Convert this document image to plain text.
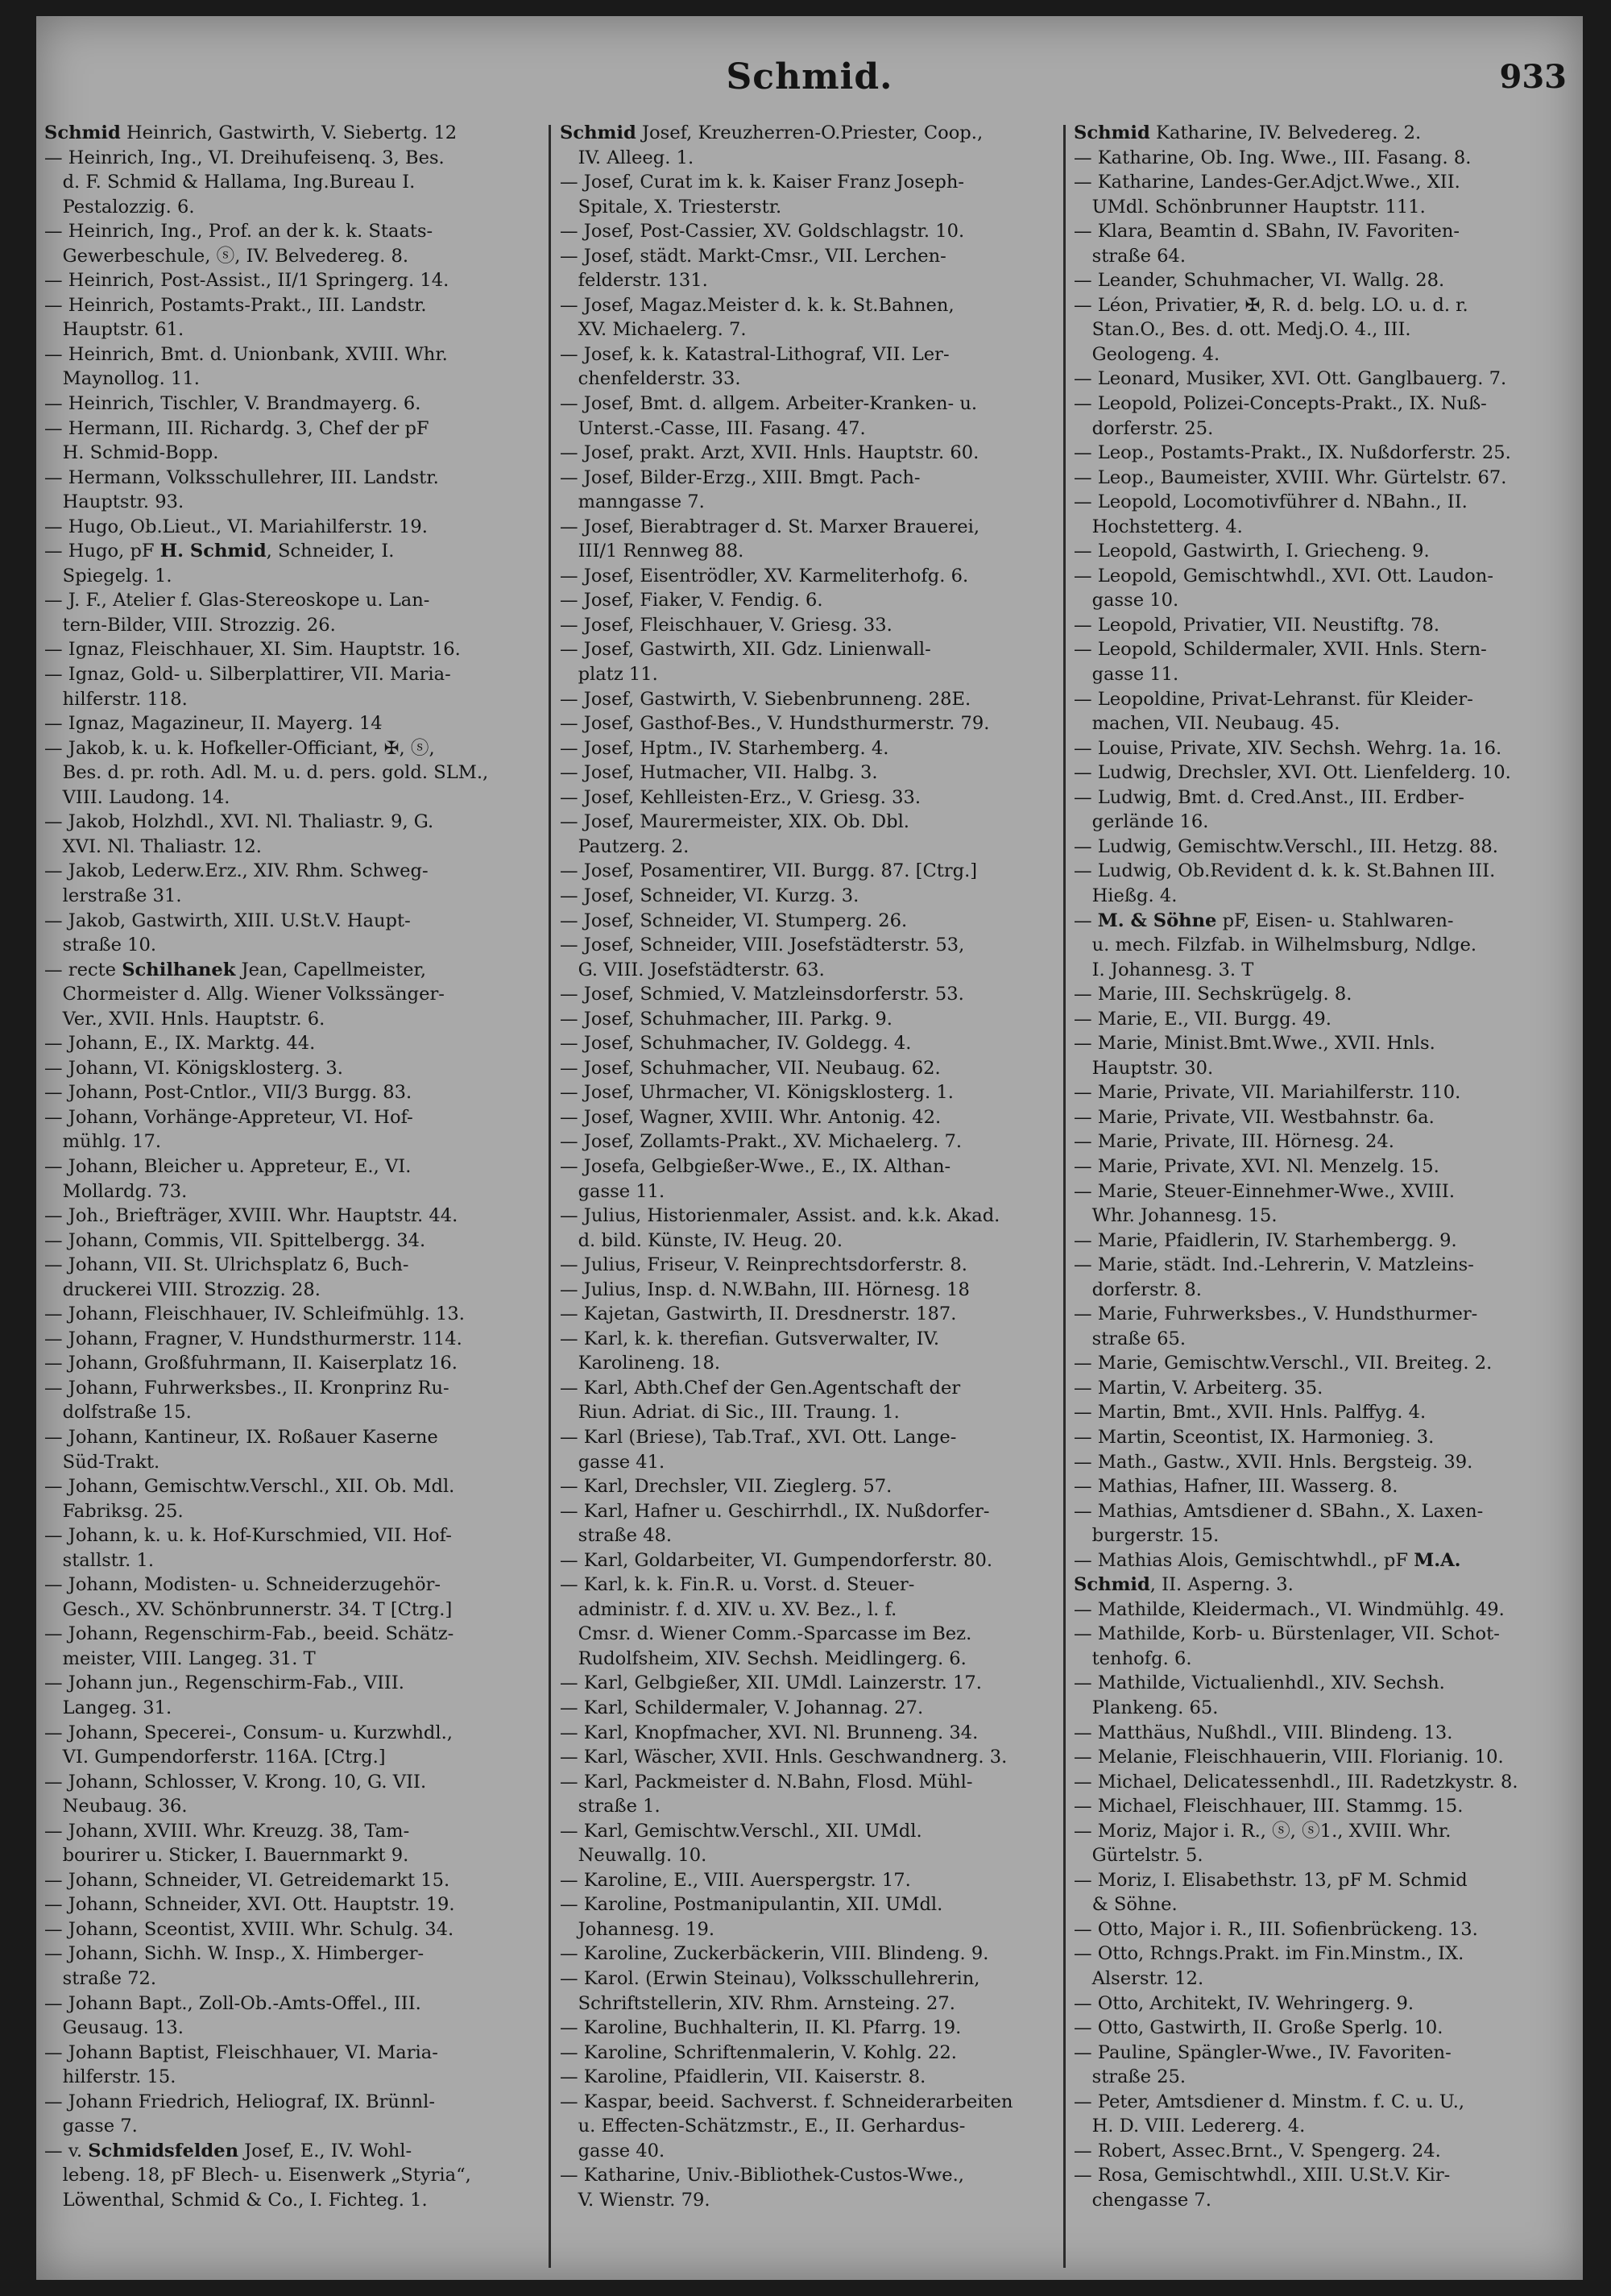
Schmid.	933
Schmid Heinrich, Gastwirth, V. Siebertg. 12
— Heinrich, Ing., VI. Dreihufeisenq. 3, Bes.
d. F. Schmid & Hallama, Ing.Bureau I.
Pestalozzig. 6.
— Heinrich, Ing., Prof. an der k. k. Staats-
Gewerbeschule, ⓢ, IV. Belvedereg. 8.
— Heinrich, Post-Assist., II/1 Springerg. 14.
— Heinrich, Postamts-Prakt., III. Landstr.
Hauptstr. 61.
— Heinrich, Bmt. d. Unionbank, XVIII. Whr.
Maynollog. 11.
— Heinrich, Tischler, V. Brandmayerg. 6.
— Hermann, III. Richardg. 3, Chef der pF
H. Schmid-Bopp.
— Hermann, Volksschullehrer, III. Landstr.
Hauptstr. 93.
— Hugo, Ob.Lieut., VI. Mariahilferstr. 19.
— Hugo, pF H. Schmid, Schneider, I.
Spiegelg. 1.
— J. F., Atelier f. Glas-Stereoskope u. Lan-
tern-Bilder, VIII. Strozzig. 26.
— Ignaz, Fleischhauer, XI. Sim. Hauptstr. 16.
— Ignaz, Gold- u. Silberplattirer, VII. Maria-
hilferstr. 118.
— Ignaz, Magazineur, II. Mayerg. 14
— Jakob, k. u. k. Hofkeller-Officiant, ✠, ⓢ,
Bes. d. pr. roth. Adl. M. u. d. pers. gold. SLM.,
VIII. Laudong. 14.
— Jakob, Holzhdl., XVI. Nl. Thaliastr. 9, G.
XVI. Nl. Thaliastr. 12.
— Jakob, Lederw.Erz., XIV. Rhm. Schweg-
lerstraße 31.
— Jakob, Gastwirth, XIII. U.St.V. Haupt-
straße 10.
— recte Schilhanek Jean, Capellmeister,
Chormeister d. Allg. Wiener Volkssänger-
Ver., XVII. Hnls. Hauptstr. 6.
— Johann, E., IX. Marktg. 44.
— Johann, VI. Königsklosterg. 3.
— Johann, Post-Cntlor., VII/3 Burgg. 83.
— Johann, Vorhänge-Appreteur, VI. Hof-
mühlg. 17.
— Johann, Bleicher u. Appreteur, E., VI.
Mollardg. 73.
— Joh., Briefträger, XVIII. Whr. Hauptstr. 44.
— Johann, Commis, VII. Spittelbergg. 34.
— Johann, VII. St. Ulrichsplatz 6, Buch-
druckerei VIII. Strozzig. 28.
— Johann, Fleischhauer, IV. Schleifmühlg. 13.
— Johann, Fragner, V. Hundsthurmerstr. 114.
— Johann, Großfuhrmann, II. Kaiserplatz 16.
— Johann, Fuhrwerksbes., II. Kronprinz Ru-
dolfstraße 15.
— Johann, Kantineur, IX. Roßauer Kaserne
Süd-Trakt.
— Johann, Gemischtw.Verschl., XII. Ob. Mdl.
Fabriksg. 25.
— Johann, k. u. k. Hof-Kurschmied, VII. Hof-
stallstr. 1.
— Johann, Modisten- u. Schneiderzugehör-
Gesch., XV. Schönbrunnerstr. 34. T [Ctrg.]
— Johann, Regenschirm-Fab., beeid. Schätz-
meister, VIII. Langeg. 31. T
— Johann jun., Regenschirm-Fab., VIII.
Langeg. 31.
— Johann, Specerei-, Consum- u. Kurzwhdl.,
VI. Gumpendorferstr. 116A. [Ctrg.]
— Johann, Schlosser, V. Krong. 10, G. VII.
Neubaug. 36.
— Johann, XVIII. Whr. Kreuzg. 38, Tam-
bourirer u. Sticker, I. Bauernmarkt 9.
— Johann, Schneider, VI. Getreidemarkt 15.
— Johann, Schneider, XVI. Ott. Hauptstr. 19.
— Johann, Sceontist, XVIII. Whr. Schulg. 34.
— Johann, Sichh. W. Insp., X. Himberger-
straße 72.
— Johann Bapt., Zoll-Ob.-Amts-Offel., III.
Geusaug. 13.
— Johann Baptist, Fleischhauer, VI. Maria-
hilferstr. 15.
— Johann Friedrich, Heliograf, IX. Brünnl-
gasse 7.
— v. Schmidsfelden Josef, E., IV. Wohl-
lebeng. 18, pF Blech- u. Eisenwerk „Styria“,
Löwenthal, Schmid & Co., I. Fichteg. 1.
Schmid Josef, Kreuzherren-O.Priester, Coop.,
IV. Alleeg. 1.
— Josef, Curat im k. k. Kaiser Franz Joseph-
Spitale, X. Triesterstr.
— Josef, Post-Cassier, XV. Goldschlagstr. 10.
— Josef, städt. Markt-Cmsr., VII. Lerchen-
felderstr. 131.
— Josef, Magaz.Meister d. k. k. St.Bahnen,
XV. Michaelerg. 7.
— Josef, k. k. Katastral-Lithograf, VII. Ler-
chenfelderstr. 33.
— Josef, Bmt. d. allgem. Arbeiter-Kranken- u.
Unterst.-Casse, III. Fasang. 47.
— Josef, prakt. Arzt, XVII. Hnls. Hauptstr. 60.
— Josef, Bilder-Erzg., XIII. Bmgt. Pach-
manngasse 7.
— Josef, Bierabtrager d. St. Marxer Brauerei,
III/1 Rennweg 88.
— Josef, Eisentrödler, XV. Karmeliterhofg. 6.
— Josef, Fiaker, V. Fendig. 6.
— Josef, Fleischhauer, V. Griesg. 33.
— Josef, Gastwirth, XII. Gdz. Linienwall-
platz 11.
— Josef, Gastwirth, V. Siebenbrunneng. 28E.
— Josef, Gasthof-Bes., V. Hundsthurmerstr. 79.
— Josef, Hptm., IV. Starhemberg. 4.
— Josef, Hutmacher, VII. Halbg. 3.
— Josef, Kehlleisten-Erz., V. Griesg. 33.
— Josef, Maurermeister, XIX. Ob. Dbl.
Pautzerg. 2.
— Josef, Posamentirer, VII. Burgg. 87. [Ctrg.]
— Josef, Schneider, VI. Kurzg. 3.
— Josef, Schneider, VI. Stumperg. 26.
— Josef, Schneider, VIII. Josefstädterstr. 53,
G. VIII. Josefstädterstr. 63.
— Josef, Schmied, V. Matzleinsdorferstr. 53.
— Josef, Schuhmacher, III. Parkg. 9.
— Josef, Schuhmacher, IV. Goldegg. 4.
— Josef, Schuhmacher, VII. Neubaug. 62.
— Josef, Uhrmacher, VI. Königsklosterg. 1.
— Josef, Wagner, XVIII. Whr. Antonig. 42.
— Josef, Zollamts-Prakt., XV. Michaelerg. 7.
— Josefa, Gelbgießer-Wwe., E., IX. Althan-
gasse 11.
— Julius, Historienmaler, Assist. and. k.k. Akad.
d. bild. Künste, IV. Heug. 20.
— Julius, Friseur, V. Reinprechtsdorferstr. 8.
— Julius, Insp. d. N.W.Bahn, III. Hörnesg. 18
— Kajetan, Gastwirth, II. Dresdnerstr. 187.
— Karl, k. k. therefian. Gutsverwalter, IV.
Karolineng. 18.
— Karl, Abth.Chef der Gen.Agentschaft der
Riun. Adriat. di Sic., III. Traung. 1.
— Karl (Briese), Tab.Traf., XVI. Ott. Lange-
gasse 41.
— Karl, Drechsler, VII. Zieglerg. 57.
— Karl, Hafner u. Geschirrhdl., IX. Nußdorfer-
straße 48.
— Karl, Goldarbeiter, VI. Gumpendorferstr. 80.
— Karl, k. k. Fin.R. u. Vorst. d. Steuer-
administr. f. d. XIV. u. XV. Bez., l. f.
Cmsr. d. Wiener Comm.-Sparcasse im Bez.
Rudolfsheim, XIV. Sechsh. Meidlingerg. 6.
— Karl, Gelbgießer, XII. UMdl. Lainzerstr. 17.
— Karl, Schildermaler, V. Johannag. 27.
— Karl, Knopfmacher, XVI. Nl. Brunneng. 34.
— Karl, Wäscher, XVII. Hnls. Geschwandnerg. 3.
— Karl, Packmeister d. N.Bahn, Flosd. Mühl-
straße 1.
— Karl, Gemischtw.Verschl., XII. UMdl.
Neuwallg. 10.
— Karoline, E., VIII. Auerspergstr. 17.
— Karoline, Postmanipulantin, XII. UMdl.
Johannesg. 19.
— Karoline, Zuckerbäckerin, VIII. Blindeng. 9.
— Karol. (Erwin Steinau), Volksschullehrerin,
Schriftstellerin, XIV. Rhm. Arnsteing. 27.
— Karoline, Buchhalterin, II. Kl. Pfarrg. 19.
— Karoline, Schriftenmalerin, V. Kohlg. 22.
— Karoline, Pfaidlerin, VII. Kaiserstr. 8.
— Kaspar, beeid. Sachverst. f. Schneiderarbeiten
u. Effecten-Schätzmstr., E., II. Gerhardus-
gasse 40.
— Katharine, Univ.-Bibliothek-Custos-Wwe.,
V. Wienstr. 79.
Schmid Katharine, IV. Belvedereg. 2.
— Katharine, Ob. Ing. Wwe., III. Fasang. 8.
— Katharine, Landes-Ger.Adjct.Wwe., XII.
UMdl. Schönbrunner Hauptstr. 111.
— Klara, Beamtin d. SBahn, IV. Favoriten-
straße 64.
— Leander, Schuhmacher, VI. Wallg. 28.
— Léon, Privatier, ✠, R. d. belg. LO. u. d. r.
Stan.O., Bes. d. ott. Medj.O. 4., III.
Geologeng. 4.
— Leonard, Musiker, XVI. Ott. Ganglbauerg. 7.
— Leopold, Polizei-Concepts-Prakt., IX. Nuß-
dorferstr. 25.
— Leop., Postamts-Prakt., IX. Nußdorferstr. 25.
— Leop., Baumeister, XVIII. Whr. Gürtelstr. 67.
— Leopold, Locomotivführer d. NBahn., II.
Hochstetterg. 4.
— Leopold, Gastwirth, I. Griecheng. 9.
— Leopold, Gemischtwhdl., XVI. Ott. Laudon-
gasse 10.
— Leopold, Privatier, VII. Neustiftg. 78.
— Leopold, Schildermaler, XVII. Hnls. Stern-
gasse 11.
— Leopoldine, Privat-Lehranst. für Kleider-
machen, VII. Neubaug. 45.
— Louise, Private, XIV. Sechsh. Wehrg. 1a. 16.
— Ludwig, Drechsler, XVI. Ott. Lienfelderg. 10.
— Ludwig, Bmt. d. Cred.Anst., III. Erdber-
gerlände 16.
— Ludwig, Gemischtw.Verschl., III. Hetzg. 88.
— Ludwig, Ob.Revident d. k. k. St.Bahnen III.
Hießg. 4.
— M. & Söhne pF, Eisen- u. Stahlwaren-
u. mech. Filzfab. in Wilhelmsburg, Ndlge.
I. Johannesg. 3. T
— Marie, III. Sechskrügelg. 8.
— Marie, E., VII. Burgg. 49.
— Marie, Minist.Bmt.Wwe., XVII. Hnls.
Hauptstr. 30.
— Marie, Private, VII. Mariahilferstr. 110.
— Marie, Private, VII. Westbahnstr. 6a.
— Marie, Private, III. Hörnesg. 24.
— Marie, Private, XVI. Nl. Menzelg. 15.
— Marie, Steuer-Einnehmer-Wwe., XVIII.
Whr. Johannesg. 15.
— Marie, Pfaidlerin, IV. Starhembergg. 9.
— Marie, städt. Ind.-Lehrerin, V. Matzleins-
dorferstr. 8.
— Marie, Fuhrwerksbes., V. Hundsthurmer-
straße 65.
— Marie, Gemischtw.Verschl., VII. Breiteg. 2.
— Martin, V. Arbeiterg. 35.
— Martin, Bmt., XVII. Hnls. Palffyg. 4.
— Martin, Sceontist, IX. Harmonieg. 3.
— Math., Gastw., XVII. Hnls. Bergsteig. 39.
— Mathias, Hafner, III. Wasserg. 8.
— Mathias, Amtsdiener d. SBahn., X. Laxen-
burgerstr. 15.
— Mathias Alois, Gemischtwhdl., pF M.A.
Schmid, II. Asperng. 3.
— Mathilde, Kleidermach., VI. Windmühlg. 49.
— Mathilde, Korb- u. Bürstenlager, VII. Schot-
tenhofg. 6.
— Mathilde, Victualienhdl., XIV. Sechsh.
Plankeng. 65.
— Matthäus, Nußhdl., VIII. Blindeng. 13.
— Melanie, Fleischhauerin, VIII. Florianig. 10.
— Michael, Delicatessenhdl., III. Radetzkystr. 8.
— Michael, Fleischhauer, III. Stammg. 15.
— Moriz, Major i. R., ⓢ, ⓢ1., XVIII. Whr.
Gürtelstr. 5.
— Moriz, I. Elisabethstr. 13, pF M. Schmid
& Söhne.
— Otto, Major i. R., III. Sofienbrückeng. 13.
— Otto, Rchngs.Prakt. im Fin.Minstm., IX.
Alserstr. 12.
— Otto, Architekt, IV. Wehringerg. 9.
— Otto, Gastwirth, II. Große Sperlg. 10.
— Pauline, Spängler-Wwe., IV. Favoriten-
straße 25.
— Peter, Amtsdiener d. Minstm. f. C. u. U.,
H. D. VIII. Ledererg. 4.
— Robert, Assec.Brnt., V. Spengerg. 24.
— Rosa, Gemischtwhdl., XIII. U.St.V. Kir-
chengasse 7.
